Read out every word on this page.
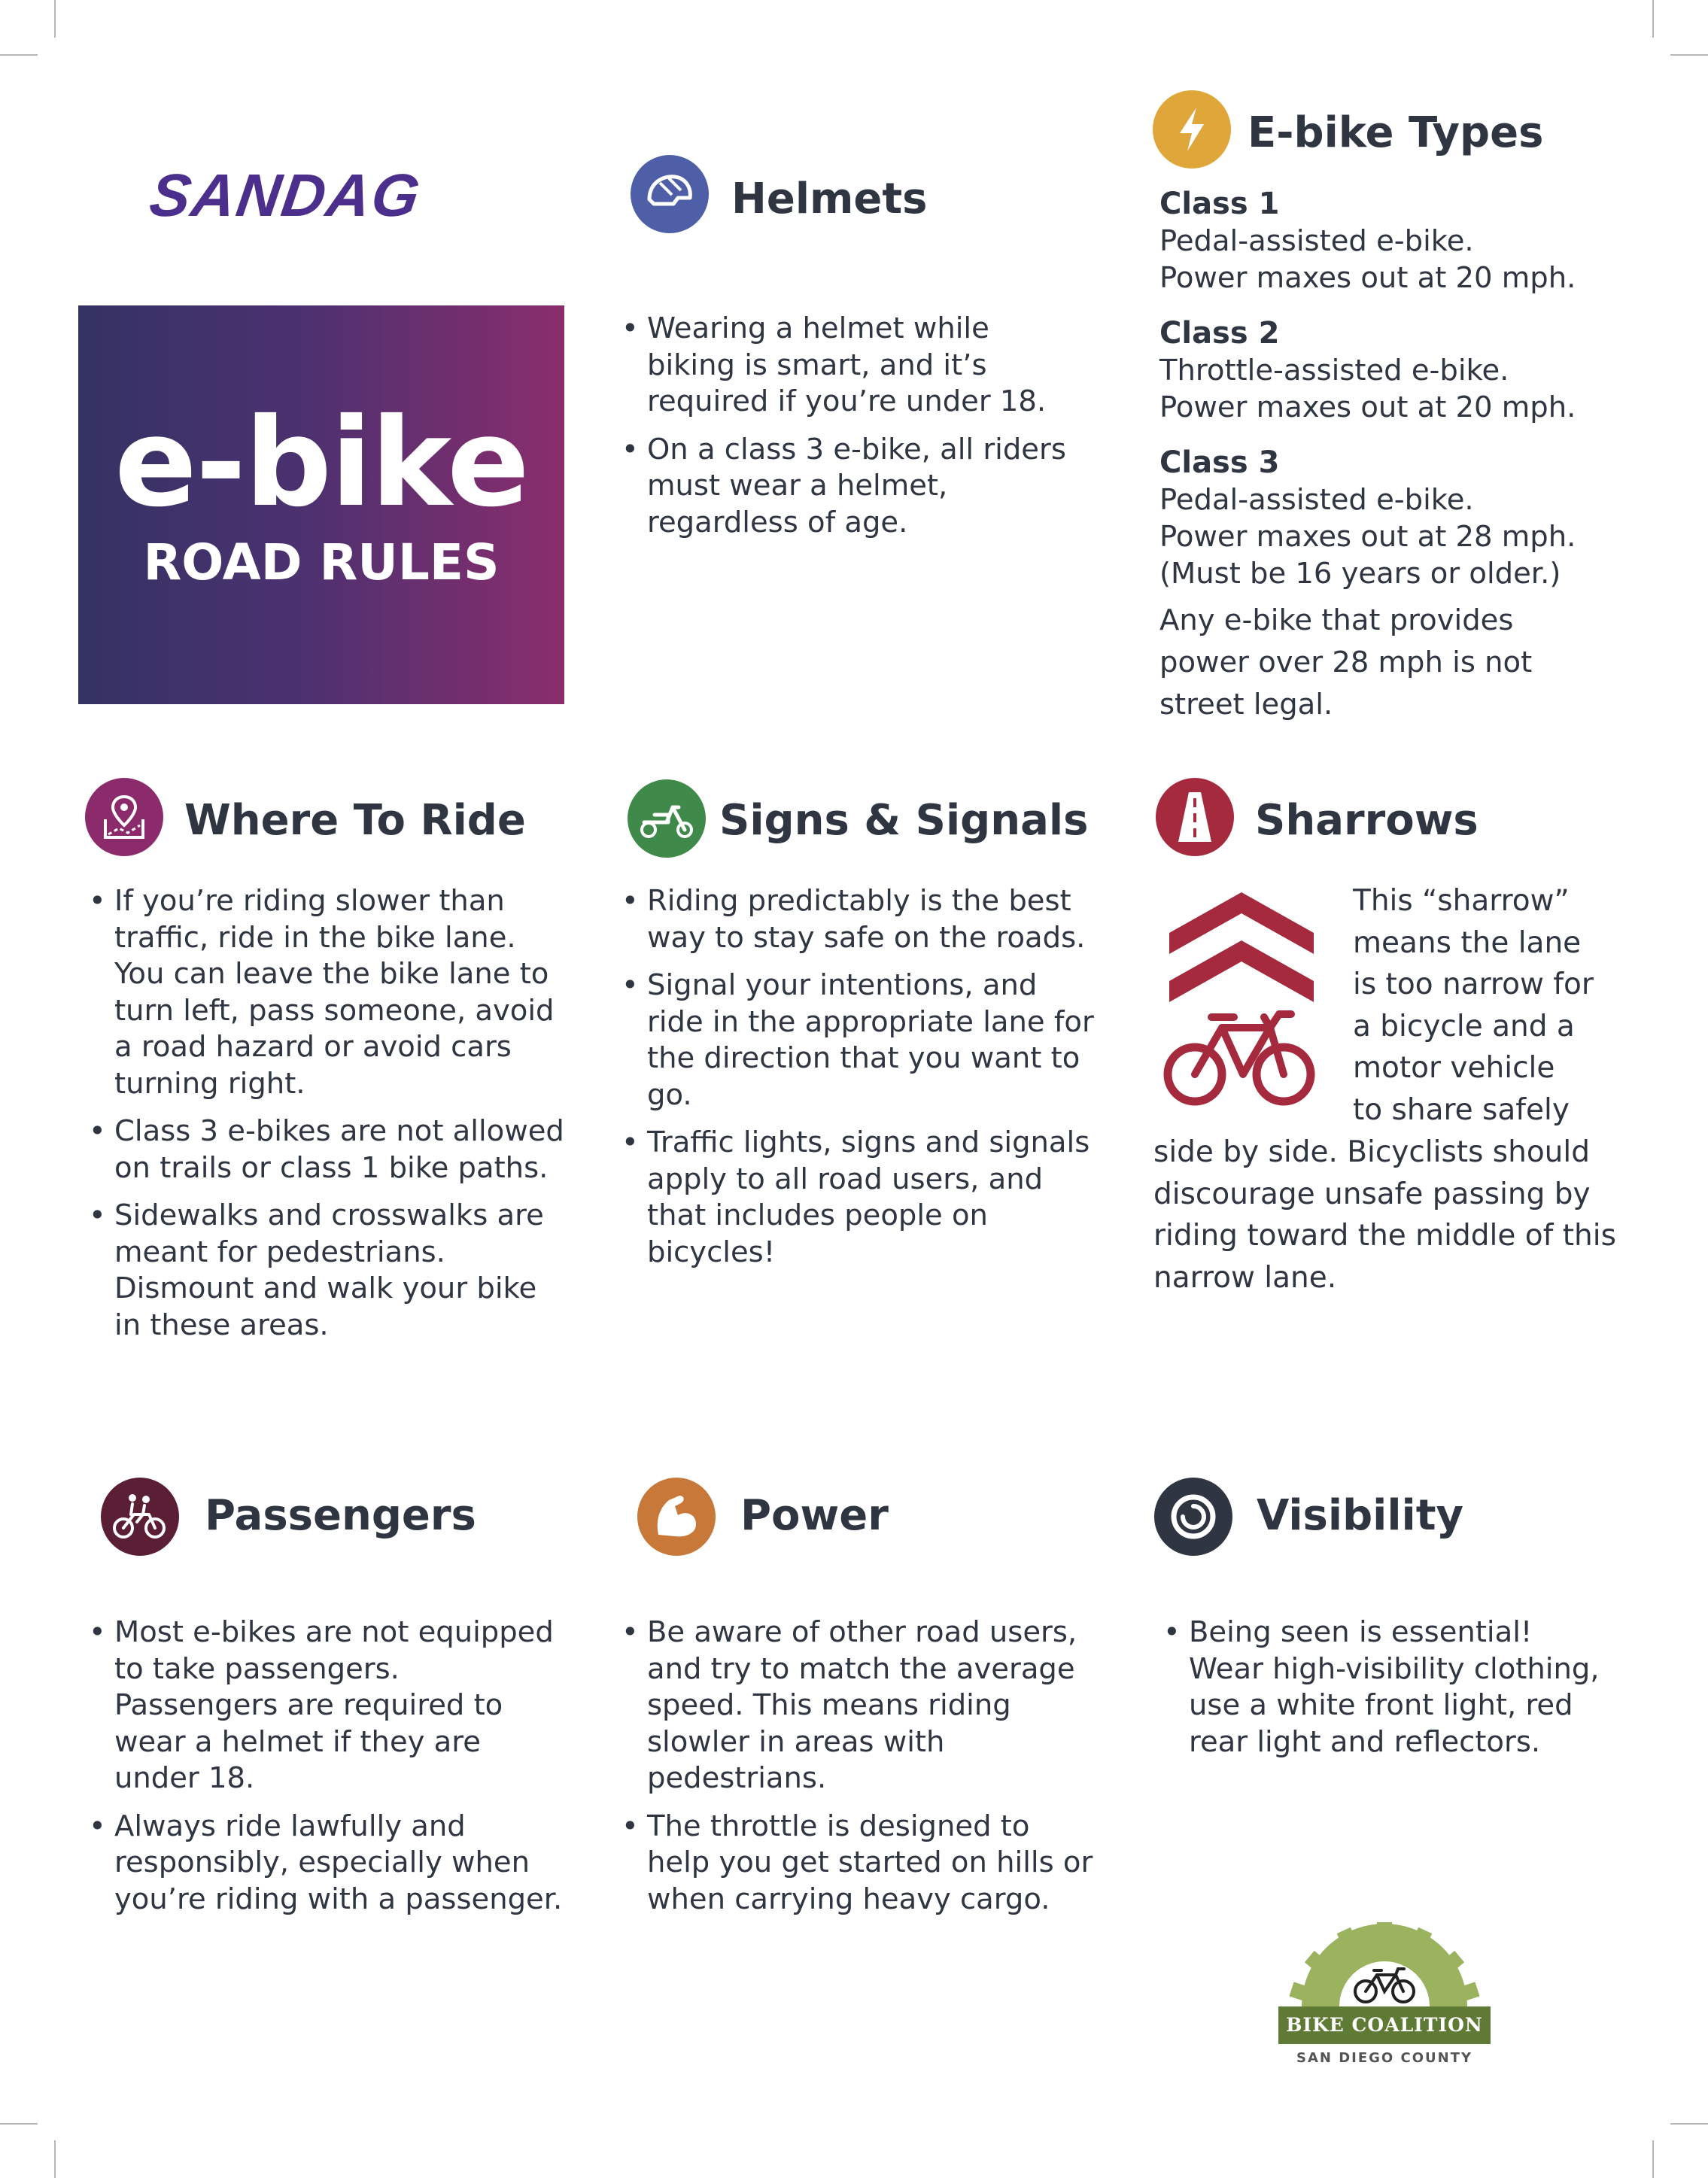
SANDAG
e-bike
ROAD RULES
Helmets
• Wearing a helmet while biking is smart, and it’s required if you’re under 18.
• On a class 3 e-bike, all riders must wear a helmet, regardless of age.
E-bike Types
Class 1
Pedal-assisted e-bike.
Power maxes out at 20 mph.
Class 2
Throttle-assisted e-bike.
Power maxes out at 20 mph.
Class 3
Pedal-assisted e-bike.
Power maxes out at 28 mph.
(Must be 16 years or older.)
Any e-bike that provides power over 28 mph is not street legal.
Where To Ride
• If you’re riding slower than traffic, ride in the bike lane. You can leave the bike lane to turn left, pass someone, avoid a road hazard or avoid cars turning right.
• Class 3 e-bikes are not allowed on trails or class 1 bike paths.
• Sidewalks and crosswalks are meant for pedestrians. Dismount and walk your bike in these areas.
Signs & Signals
• Riding predictably is the best way to stay safe on the roads.
• Signal your intentions, and ride in the appropriate lane for the direction that you want to go.
• Traffic lights, signs and signals apply to all road users, and that includes people on bicycles!
Sharrows
This “sharrow”
means the lane
is too narrow for
a bicycle and a
motor vehicle
to share safely
side by side. Bicyclists should discourage unsafe passing by riding toward the middle of this narrow lane.
Passengers
• Most e-bikes are not equipped to take passengers. Passengers are required to wear a helmet if they are under 18.
• Always ride lawfully and responsibly, especially when you’re riding with a passenger.
Power
• Be aware of other road users, and try to match the average speed. This means riding slowler in areas with pedestrians.
• The throttle is designed to help you get started on hills or when carrying heavy cargo.
Visibility
• Being seen is essential! Wear high-visibility clothing, use a white front light, red rear light and reflectors.
BIKE COALITION
SAN DIEGO COUNTY
